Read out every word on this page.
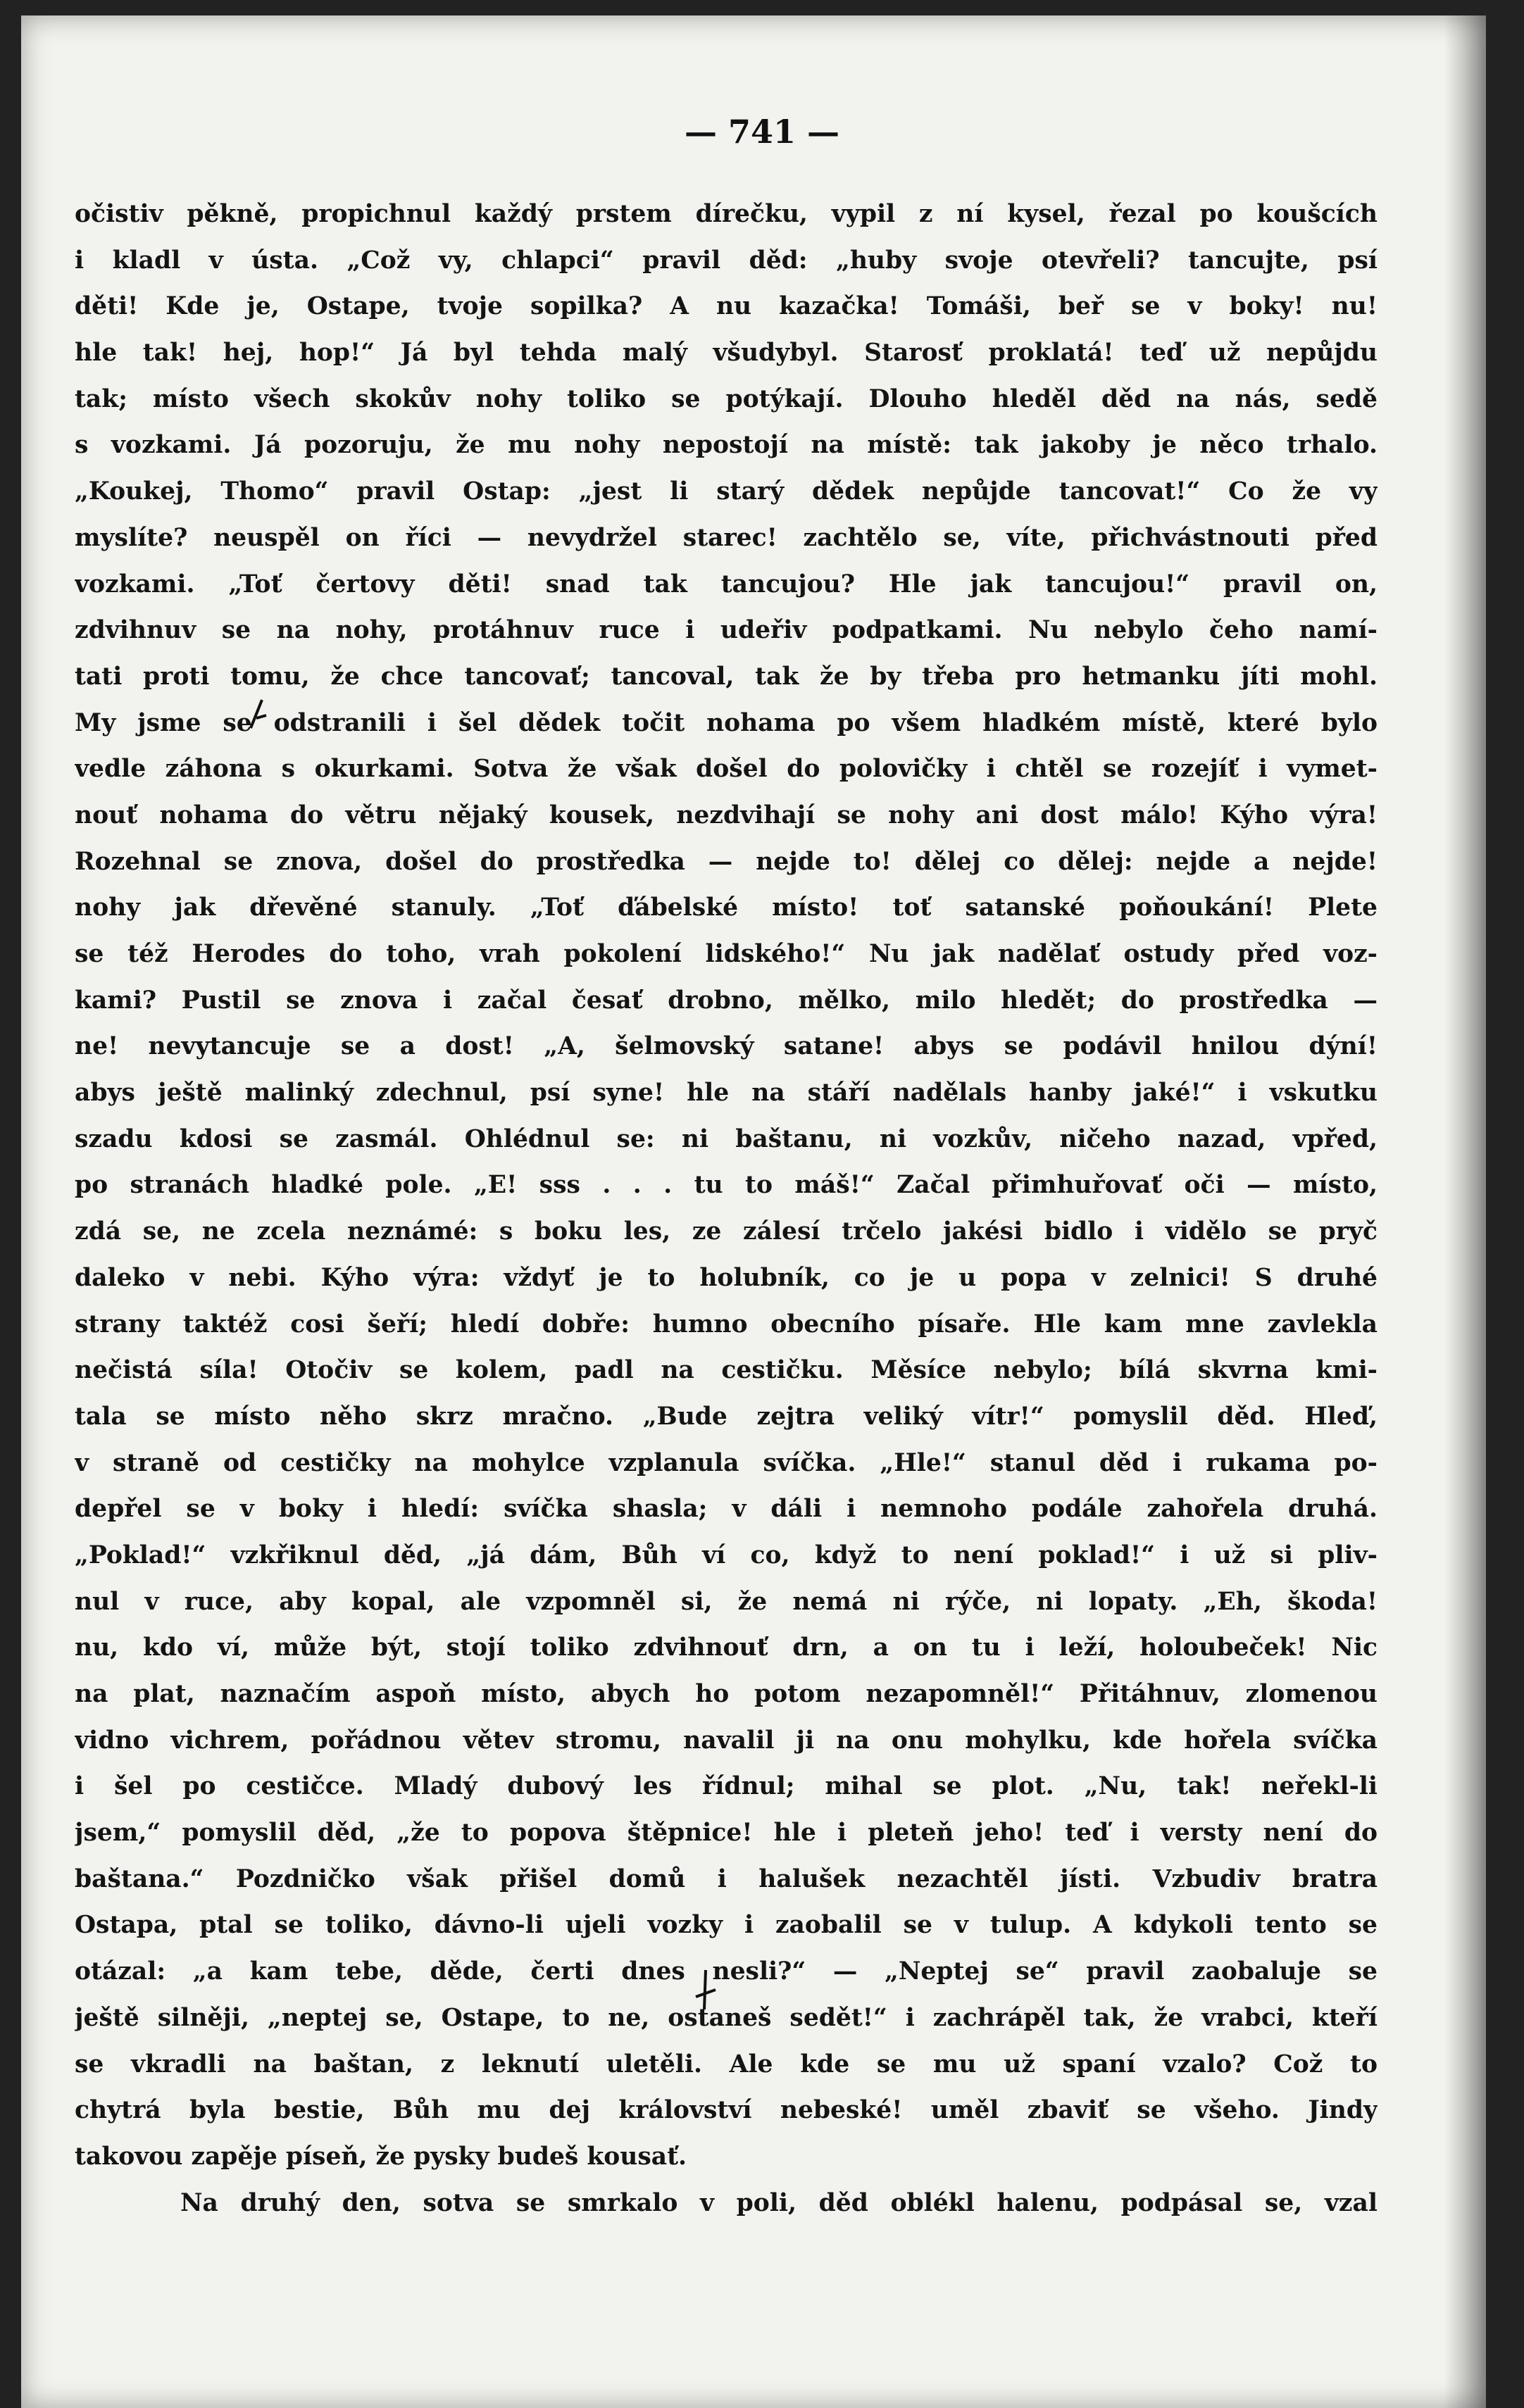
— 741 —
očistiv pěkně, propichnul každý prstem dírečku, vypil z ní kysel, řezal po koušcích
i kladl v ústa. „Což vy, chlapci“ pravil děd: „huby svoje otevřeli? tancujte, psí
děti! Kde je, Ostape, tvoje sopilka? A nu kazačka! Tomáši, beř se v boky! nu!
hle tak! hej, hop!“ Já byl tehda malý všudybyl. Starosť proklatá! teď už nepůjdu
tak; místo všech skokův nohy toliko se potýkají. Dlouho hleděl děd na nás, sedě
s vozkami. Já pozoruju, že mu nohy nepostojí na místě: tak jakoby je něco trhalo.
„Koukej, Thomo“ pravil Ostap: „jest li starý dědek nepůjde tancovat!“ Co že vy
myslíte? neuspěl on říci — nevydržel starec! zachtělo se, víte, přichvástnouti před
vozkami. „Toť čertovy děti! snad tak tancujou? Hle jak tancujou!“ pravil on,
zdvihnuv se na nohy, protáhnuv ruce i udeřiv podpatkami. Nu nebylo čeho namí-
tati proti tomu, že chce tancovať; tancoval, tak že by třeba pro hetmanku jíti mohl.
My jsme se odstranili i šel dědek točit nohama po všem hladkém místě, které bylo
vedle záhona s okurkami. Sotva že však došel do polovičky i chtěl se rozejíť i vymet-
nouť nohama do větru nějaký kousek, nezdvihají se nohy ani dost málo! Kýho výra!
Rozehnal se znova, došel do prostředka — nejde to! dělej co dělej: nejde a nejde!
nohy jak dřevěné stanuly. „Toť ďábelské místo! toť satanské poňoukání! Plete
se též Herodes do toho, vrah pokolení lidského!“ Nu jak nadělať ostudy před voz-
kami? Pustil se znova i začal česať drobno, mělko, milo hledět; do prostředka —
ne! nevytancuje se a dost! „A, šelmovský satane! abys se podávil hnilou dýní!
abys ještě malinký zdechnul, psí syne! hle na stáří nadělals hanby jaké!“ i vskutku
szadu kdosi se zasmál. Ohlédnul se: ni baštanu, ni vozkův, ničeho nazad, vpřed,
po stranách hladké pole. „E! sss . . . tu to máš!“ Začal přimhuřovať oči — místo,
zdá se, ne zcela neznámé: s boku les, ze zálesí trčelo jakési bidlo i vidělo se pryč
daleko v nebi. Kýho výra: vždyť je to holubník, co je u popa v zelnici! S druhé
strany taktéž cosi šeří; hledí dobře: humno obecního písaře. Hle kam mne zavlekla
nečistá síla! Otočiv se kolem, padl na cestičku. Měsíce nebylo; bílá skvrna kmi-
tala se místo něho skrz mračno. „Bude zejtra veliký vítr!“ pomyslil děd. Hleď,
v straně od cestičky na mohylce vzplanula svíčka. „Hle!“ stanul děd i rukama po-
depřel se v boky i hledí: svíčka shasla; v dáli i nemnoho podále zahořela druhá.
„Poklad!“ vzkřiknul děd, „já dám, Bůh ví co, když to není poklad!“ i už si pliv-
nul v ruce, aby kopal, ale vzpomněl si, že nemá ni rýče, ni lopaty. „Eh, škoda!
nu, kdo ví, může být, stojí toliko zdvihnouť drn, a on tu i leží, holoubeček! Nic
na plat, naznačím aspoň místo, abych ho potom nezapomněl!“ Přitáhnuv, zlomenou
vidno vichrem, pořádnou větev stromu, navalil ji na onu mohylku, kde hořela svíčka
i šel po cestičce. Mladý dubový les řídnul; mihal se plot. „Nu, tak! neřekl-li
jsem,“ pomyslil děd, „že to popova štěpnice! hle i pleteň jeho! teď i versty není do
baštana.“ Pozdničko však přišel domů i halušek nezachtěl jísti. Vzbudiv bratra
Ostapa, ptal se toliko, dávno-li ujeli vozky i zaobalil se v tulup. A kdykoli tento se
otázal: „a kam tebe, děde, čerti dnes nesli?“ — „Neptej se“ pravil zaobaluje se
ještě silněji, „neptej se, Ostape, to ne, ostaneš sedět!“ i zachrápěl tak, že vrabci, kteří
se vkradli na baštan, z leknutí uletěli. Ale kde se mu už spaní vzalo? Což to
chytrá byla bestie, Bůh mu dej království nebeské! uměl zbaviť se všeho. Jindy
takovou zapěje píseň, že pysky budeš kousať.
Na druhý den, sotva se smrkalo v poli, děd oblékl halenu, podpásal se, vzal
